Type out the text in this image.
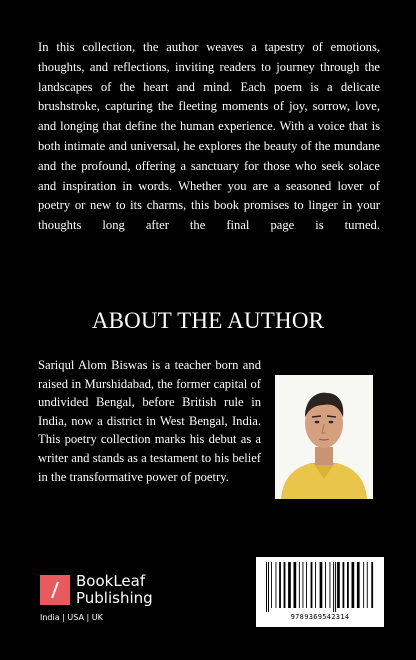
In this collection, the author weaves a tapestry of emotions, thoughts, and reflections, inviting readers to journey through the landscapes of the heart and mind. Each poem is a delicate brushstroke, capturing the fleeting moments of joy, sorrow, love, and longing that define the human experience. With a voice that is both intimate and universal, he explores the beauty of the mundane and the profound, offering a sanctuary for those who seek solace and inspiration in words. Whether you are a seasoned lover of poetry or new to its charms, this book promises to linger in your thoughts long after the final page is turned.

ABOUT THE AUTHOR

Sariqul Alom Biswas is a teacher born and raised in Murshidabad, the former capital of undivided Bengal, before British rule in India, now a district in West Bengal, India. This poetry collection marks his debut as a writer and stands as a testament to his belief in the transformative power of poetry.

BookLeaf
Publishing
India | USA | UK	9789369542314
